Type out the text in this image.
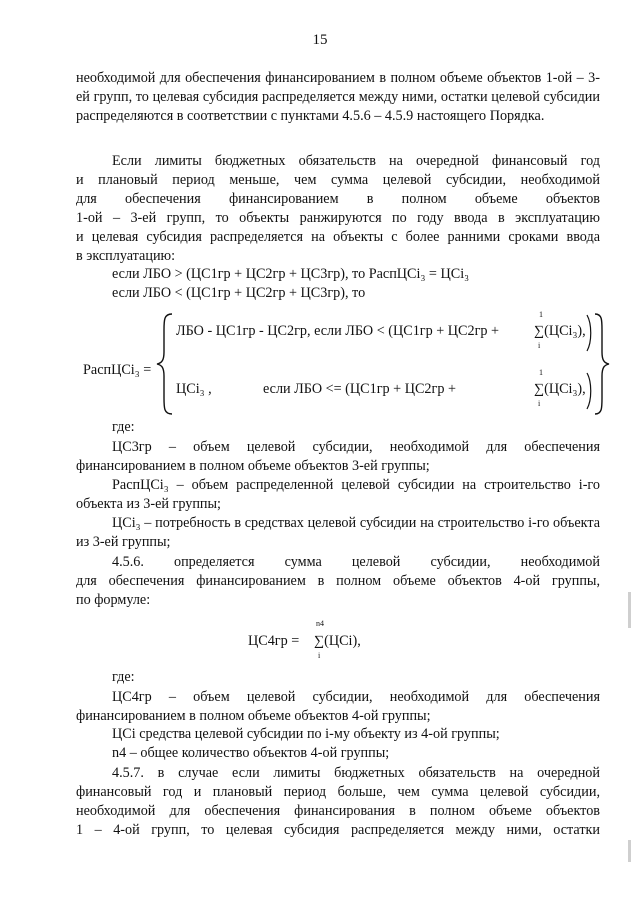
15
необходимой для обеспечения финансированием в полном объеме объектов 1-ой – 3-ей групп, то целевая субсидия распределяется между ними, остатки целевой субсидии распределяются в соответствии с пунктами 4.5.6 – 4.5.9 настоящего Порядка.
Если лимиты бюджетных обязательств на очередной финансовый год
и плановый период меньше, чем сумма целевой субсидии, необходимой
для обеспечения финансированием в полном объеме объектов
1-ой – 3-ей групп, то объекты ранжируются по году ввода в эксплуатацию
и целевая субсидия распределяется на объекты с более ранними сроками ввода
в эксплуатацию:
если ЛБО > (ЦС1гр + ЦС2гр + ЦС3гр), то РаспЦСi₃ = ЦСi₃
если ЛБО < (ЦС1гр + ЦС2гр + ЦС3гр), то
РаспЦСi₃ =
ЛБО - ЦС1гр - ЦС2гр, если ЛБО < (ЦС1гр + ЦС2гр +
1
∑(ЦСi₃),
i
ЦСi₃ ,	если ЛБО <= (ЦС1гр + ЦС2гр +
1
∑(ЦСi₃),
i
где:
ЦС3гр – объем целевой субсидии, необходимой для обеспечения финансированием в полном объеме объектов 3-ей группы;
РаспЦСi₃ – объем распределенной целевой субсидии на строительство i-го объекта из 3-ей группы;
ЦСi₃ – потребность в средствах целевой субсидии на строительство i-го объекта из 3-ей группы;
4.5.6. определяется сумма целевой субсидии, необходимой
для обеспечения финансированием в полном объеме объектов 4-ой группы,
по формуле:
ЦС4гр =
n4
∑(ЦСi),
i
где:
ЦС4гр – объем целевой субсидии, необходимой для обеспечения финансированием в полном объеме объектов 4-ой группы;
ЦСi средства целевой субсидии по i-му объекту из 4-ой группы;
n4 – общее количество объектов 4-ой группы;
4.5.7. в случае если лимиты бюджетных обязательств на очередной
финансовый год и плановый период больше, чем сумма целевой субсидии,
необходимой для обеспечения финансирования в полном объеме объектов
1 – 4-ой групп, то целевая субсидия распределяется между ними, остатки
